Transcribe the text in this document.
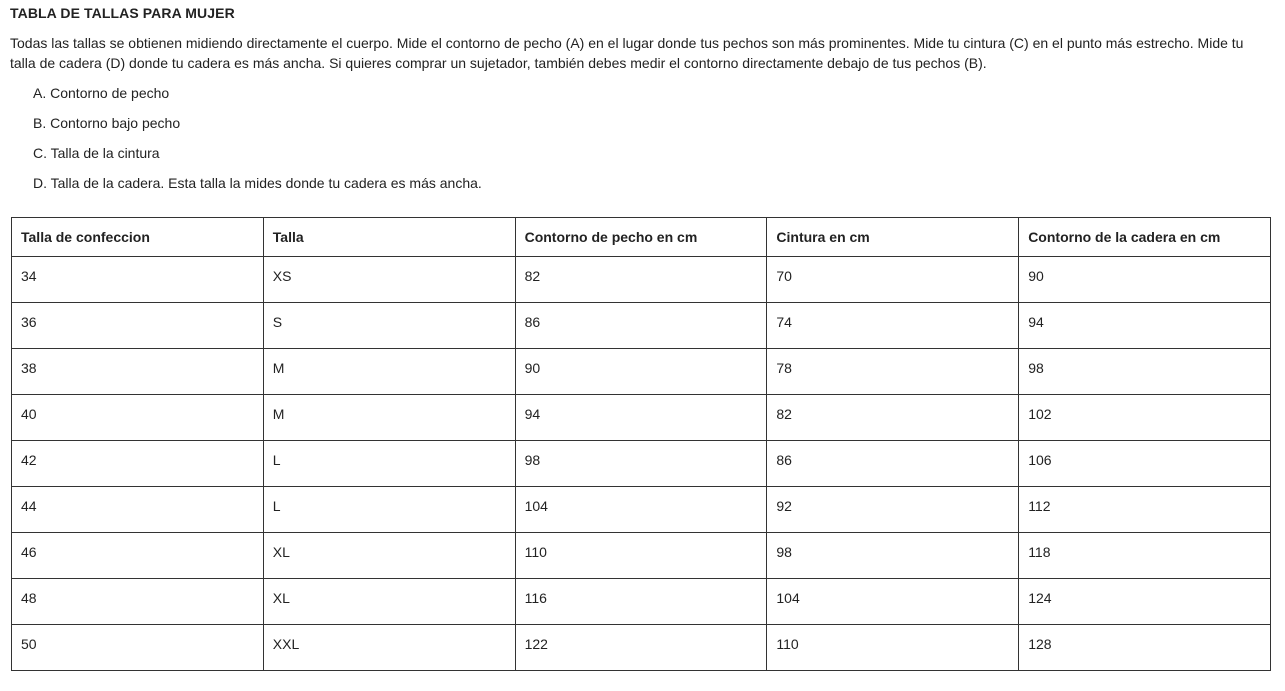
TABLA DE TALLAS PARA MUJER

Todas las tallas se obtienen midiendo directamente el cuerpo. Mide el contorno de pecho (A) en el lugar donde tus pechos son más prominentes. Mide tu cintura (C) en el punto más estrecho. Mide tu talla de cadera (D) donde tu cadera es más ancha. Si quieres comprar un sujetador, también debes medir el contorno directamente debajo de tus pechos (B).

A. Contorno de pecho
B. Contorno bajo pecho
C. Talla de la cintura
D. Talla de la cadera. Esta talla la mides donde tu cadera es más ancha.
Talla de confeccion	Talla	Contorno de pecho en cm	Cintura en cm	Contorno de la cadera en cm
34	XS	82	70	90
36	S	86	74	94
38	M	90	78	98
40	M	94	82	102
42	L	98	86	106
44	L	104	92	112
46	XL	110	98	118
48	XL	116	104	124
50	XXL	122	110	128
